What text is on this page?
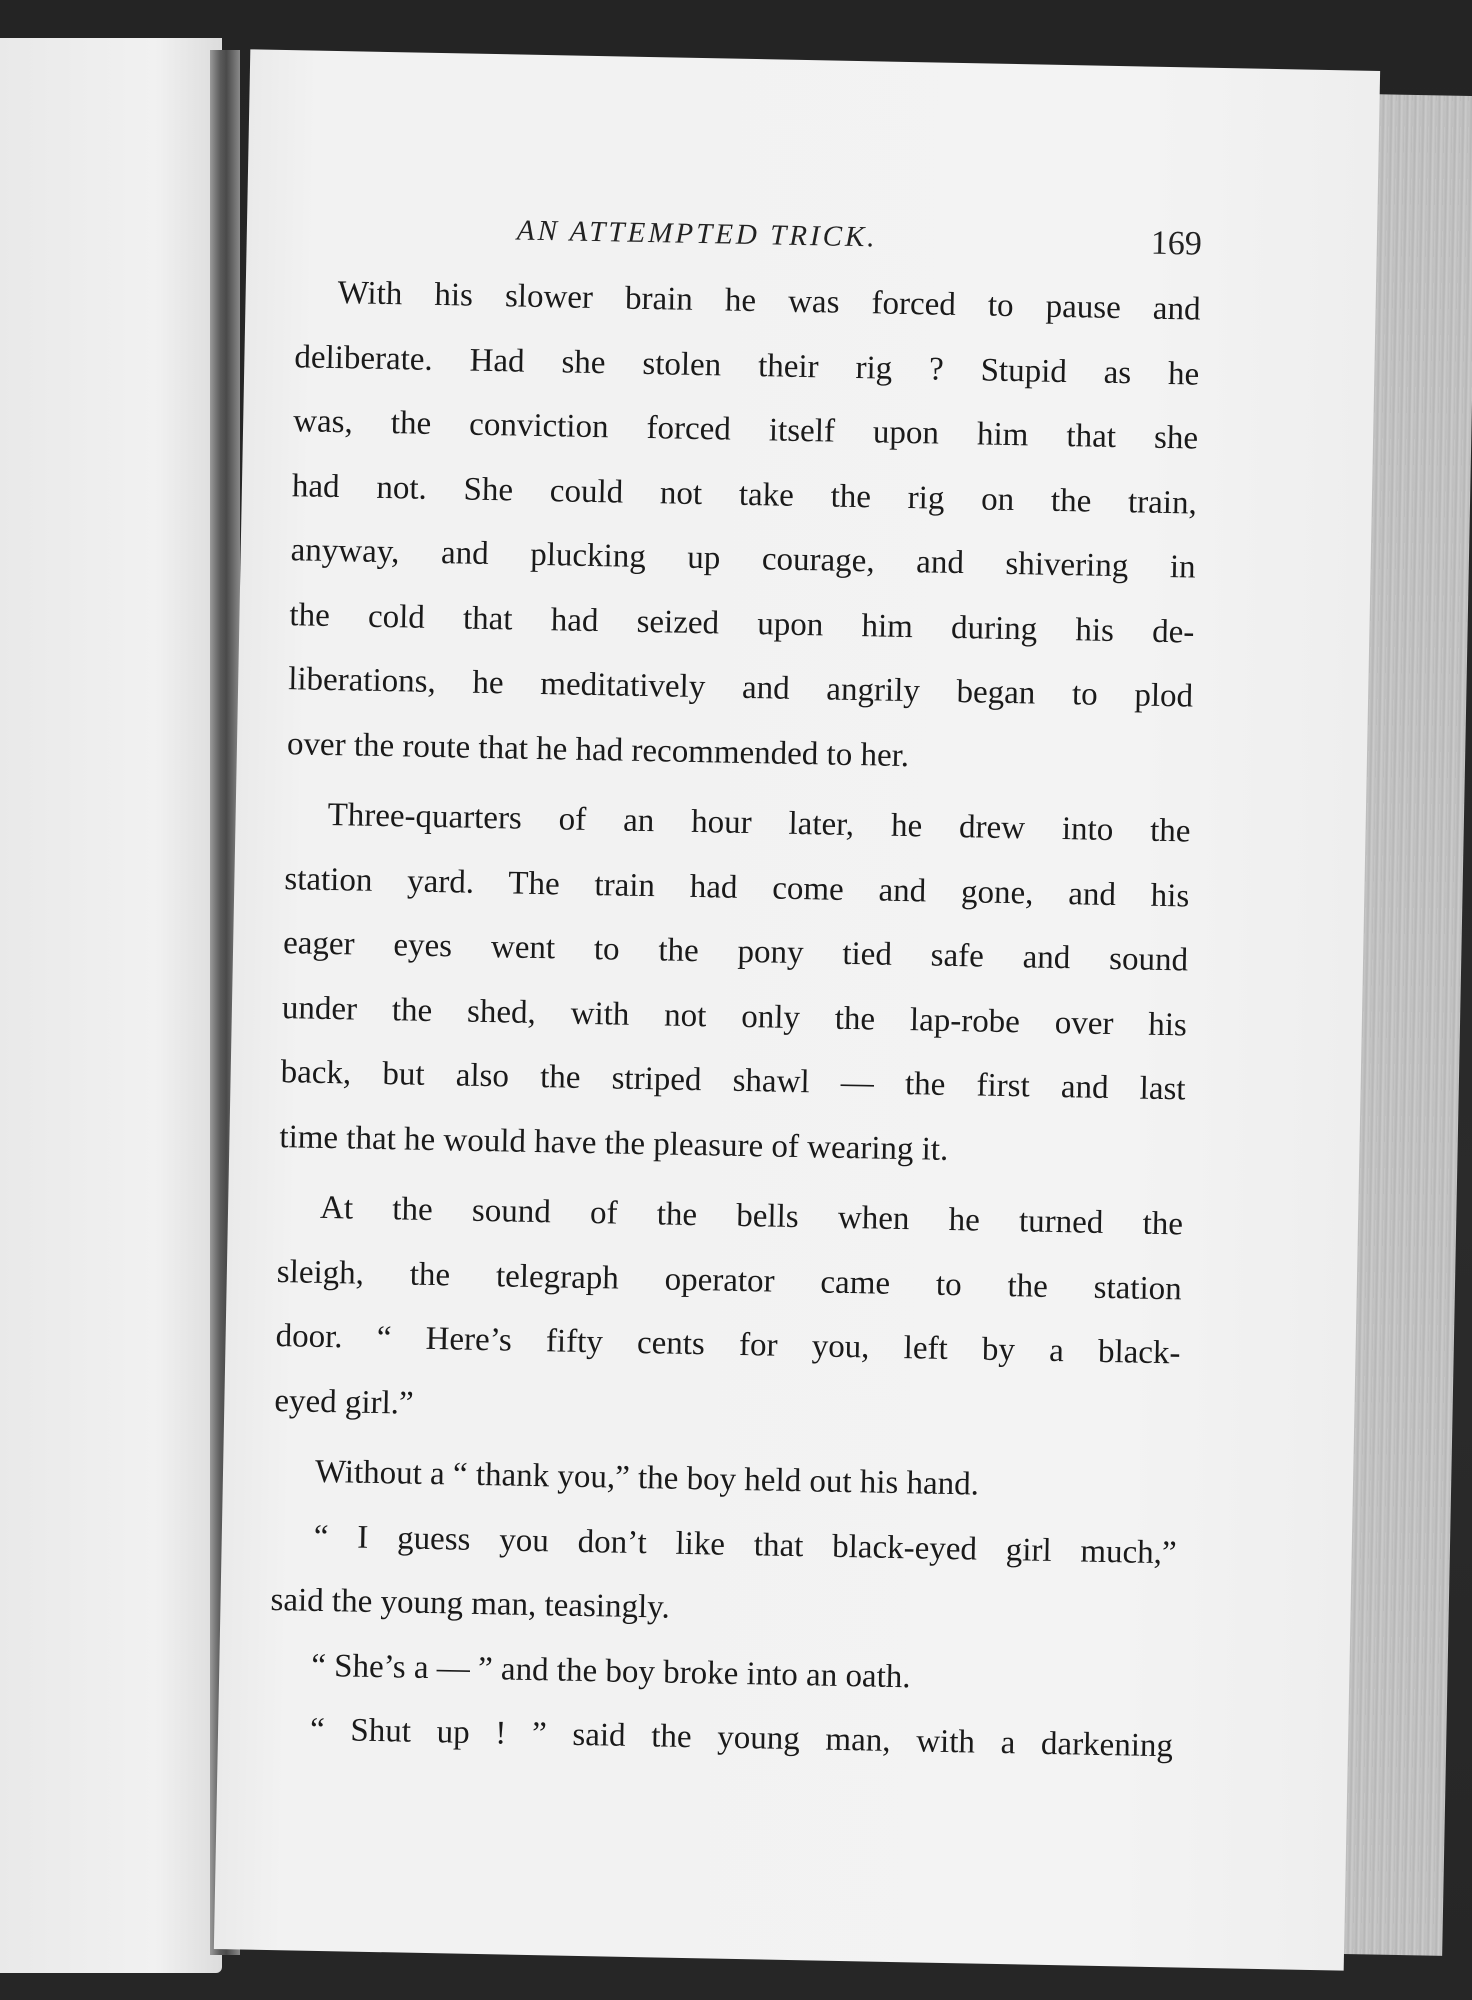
AN ATTEMPTED TRICK.	169
With his slower brain he was forced to pause and
deliberate. Had she stolen their rig ? Stupid as he
was, the conviction forced itself upon him that she
had not. She could not take the rig on the train,
anyway, and plucking up courage, and shivering in
the cold that had seized upon him during his de-
liberations, he meditatively and angrily began to plod
over the route that he had recommended to her.
Three-quarters of an hour later, he drew into the
station yard. The train had come and gone, and his
eager eyes went to the pony tied safe and sound
under the shed, with not only the lap-robe over his
back, but also the striped shawl — the first and last
time that he would have the pleasure of wearing it.
At the sound of the bells when he turned the
sleigh, the telegraph operator came to the station
door. “ Here’s fifty cents for you, left by a black-
eyed girl.”
Without a “ thank you,” the boy held out his hand.
“ I guess you don’t like that black-eyed girl much,”
said the young man, teasingly.
“ She’s a — ” and the boy broke into an oath.
“ Shut up ! ” said the young man, with a darkening
